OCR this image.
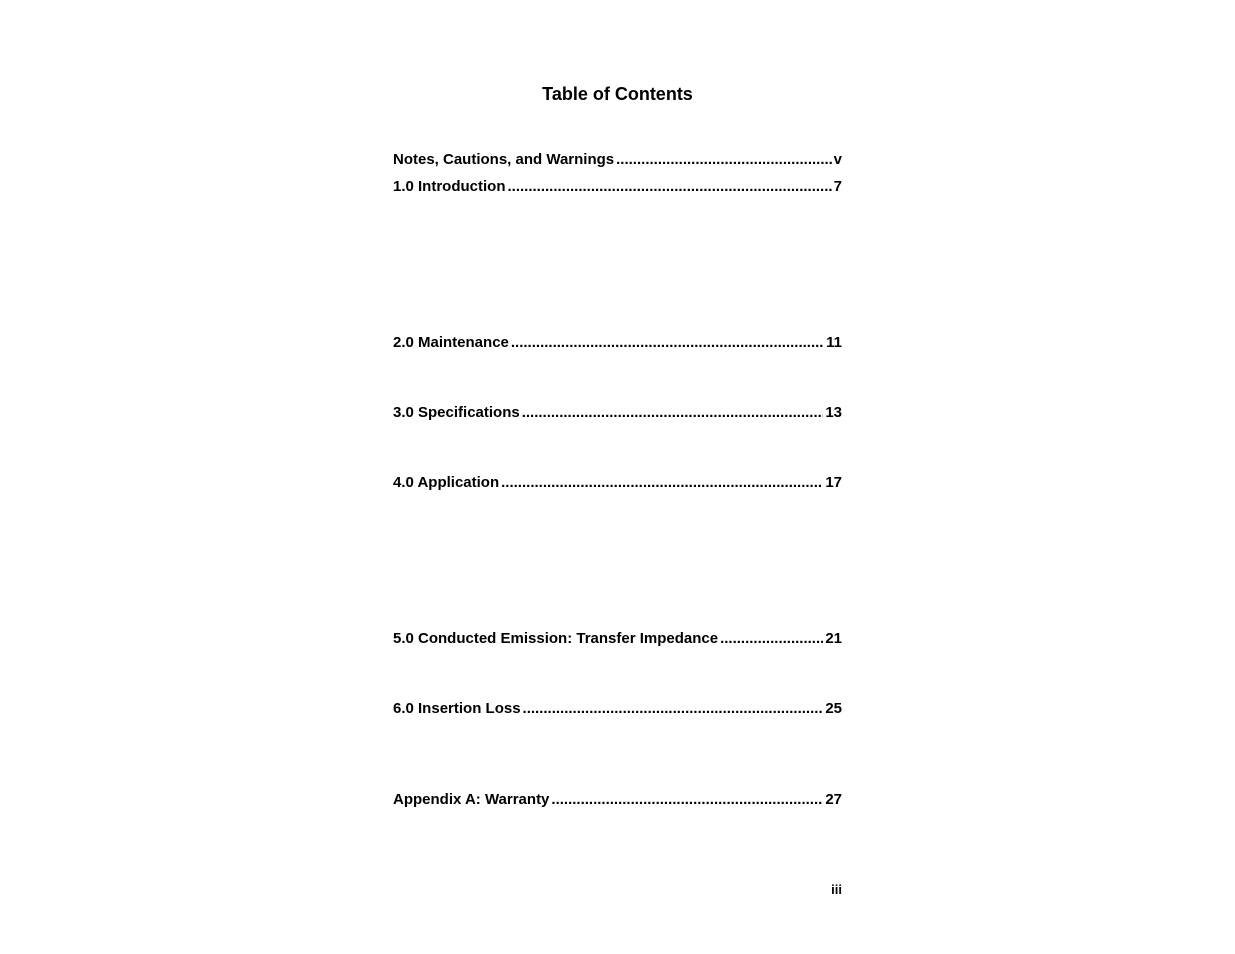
Table of Contents
Notes, Cautions, and Warnings .....	v
1.0 Introduction .....	7
2.0 Maintenance .....	11
3.0 Specifications .....	13
4.0 Application .....	17
5.0 Conducted Emission: Transfer Impedance .....	21
6.0 Insertion Loss .....	25
Appendix A: Warranty .....	27
iii
